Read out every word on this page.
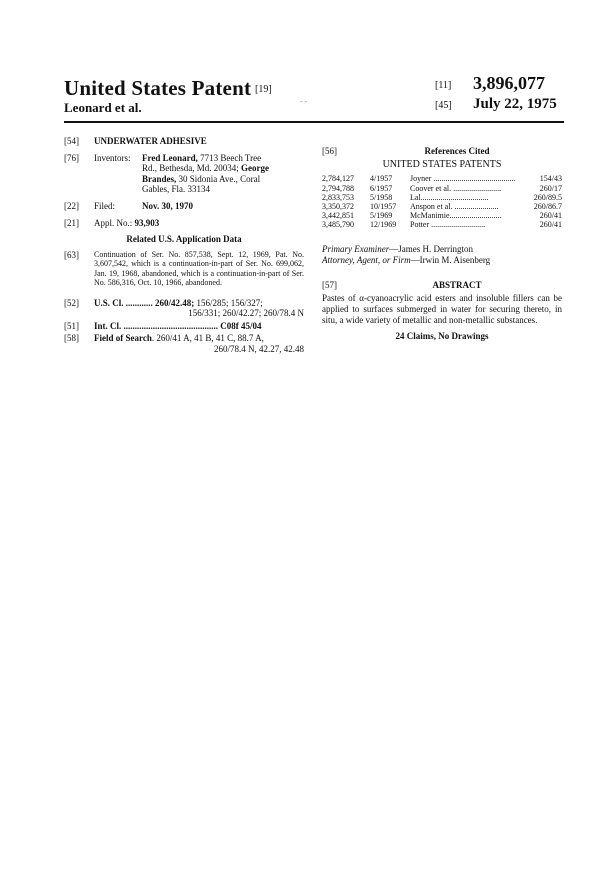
United States Patent [19]
Leonard et al.	- -
[11] 3,896,077
[45] July 22, 1975
[54]	UNDERWATER ADHESIVE
[76]	Inventors: Fred Leonard, 7713 Beech Tree
Rd., Bethesda, Md. 20034; George
Brandes, 30 Sidonia Ave., Coral
Gables, Fla. 33134
[22]	Filed:	Nov. 30, 1970
[21]	Appl. No.: 93,903
Related U.S. Application Data
[63]	Continuation of Ser. No. 857,538, Sept. 12, 1969, Pat. No. 3,607,542, which is a continuation-in-part of Ser. No. 699,062, Jan. 19, 1968, abandoned, which is a continuation-in-part of Ser. No. 586,316, Oct. 10, 1966, abandoned.
[52]	U.S. Cl. ............ 260/42.48; 156/285; 156/327;

156/331; 260/42.27; 260/78.4 N
[51]	Int. Cl. .......................................... C08f 45/04
[58]	Field of Search. 260/41 A, 41 B, 41 C, 88.7 A,

260/78.4 N, 42.27, 42.48
[56]	References Cited
UNITED STATES PATENTS
2,784,127	4/1957	Joyner .........................................	154/43
2,794,788	6/1957	Coover et al. ........................	260/17
2,833,753	5/1958	Lal..................................	260/89.5
3,350,372	10/1957	Anspon et al. ......................	260/86.7
3,442,851	5/1969	McManimie..........................	260/41
3,485,790	12/1969	Potter ...........................	260/41
Primary Examiner—James H. Derrington
Attorney, Agent, or Firm—Irwin M. Aisenberg
[57]	ABSTRACT
Pastes of α-cyanoacrylic acid esters and insoluble fillers can be applied to surfaces submerged in water for securing thereto, in situ, a wide variety of metallic and non-metallic substances.
24 Claims, No Drawings
